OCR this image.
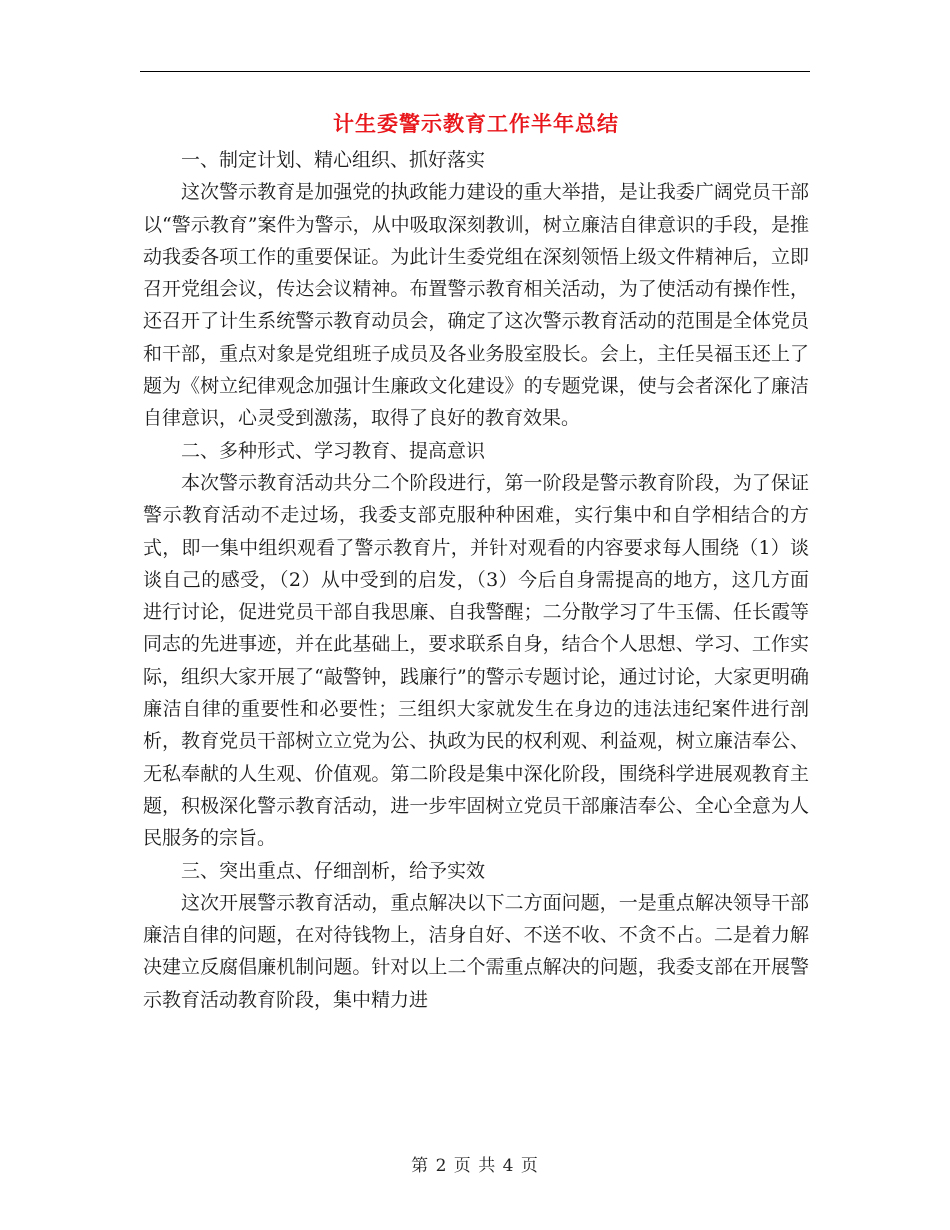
计生委警示教育工作半年总结

一、制定计划、精心组织、抓好落实

这次警示教育是加强党的执政能力建设的重大举措，是让我委广阔党员干部以“警示教育”案件为警示，从中吸取深刻教训，树立廉洁自律意识的手段，是推动我委各项工作的重要保证。为此计生委党组在深刻领悟上级文件精神后，立即召开党组会议，传达会议精神。布置警示教育相关活动，为了使活动有操作性，还召开了计生系统警示教育动员会，确定了这次警示教育活动的范围是全体党员和干部，重点对象是党组班子成员及各业务股室股长。会上，主任吴福玉还上了题为《树立纪律观念加强计生廉政文化建设》的专题党课，使与会者深化了廉洁自律意识，心灵受到激荡，取得了良好的教育效果。

二、多种形式、学习教育、提高意识

本次警示教育活动共分二个阶段进行，第一阶段是警示教育阶段，为了保证警示教育活动不走过场，我委支部克服种种困难，实行集中和自学相结合的方式，即一集中组织观看了警示教育片，并针对观看的内容要求每人围绕（1）谈谈自己的感受，（2）从中受到的启发，（3）今后自身需提高的地方，这几方面进行讨论，促进党员干部自我思廉、自我警醒；二分散学习了牛玉儒、任长霞等同志的先进事迹，并在此基础上，要求联系自身，结合个人思想、学习、工作实际，组织大家开展了“敲警钟，践廉行”的警示专题讨论，通过讨论，大家更明确廉洁自律的重要性和必要性；三组织大家就发生在身边的违法违纪案件进行剖析，教育党员干部树立立党为公、执政为民的权利观、利益观，树立廉洁奉公、无私奉献的人生观、价值观。第二阶段是集中深化阶段，围绕科学进展观教育主题，积极深化警示教育活动，进一步牢固树立党员干部廉洁奉公、全心全意为人民服务的宗旨。

三、突出重点、仔细剖析，给予实效

这次开展警示教育活动，重点解决以下二方面问题，一是重点解决领导干部廉洁自律的问题，在对待钱物上，洁身自好、不送不收、不贪不占。二是着力解决建立反腐倡廉机制问题。针对以上二个需重点解决的问题，我委支部在开展警示教育活动教育阶段，集中精力进

第 2 页 共 4 页
